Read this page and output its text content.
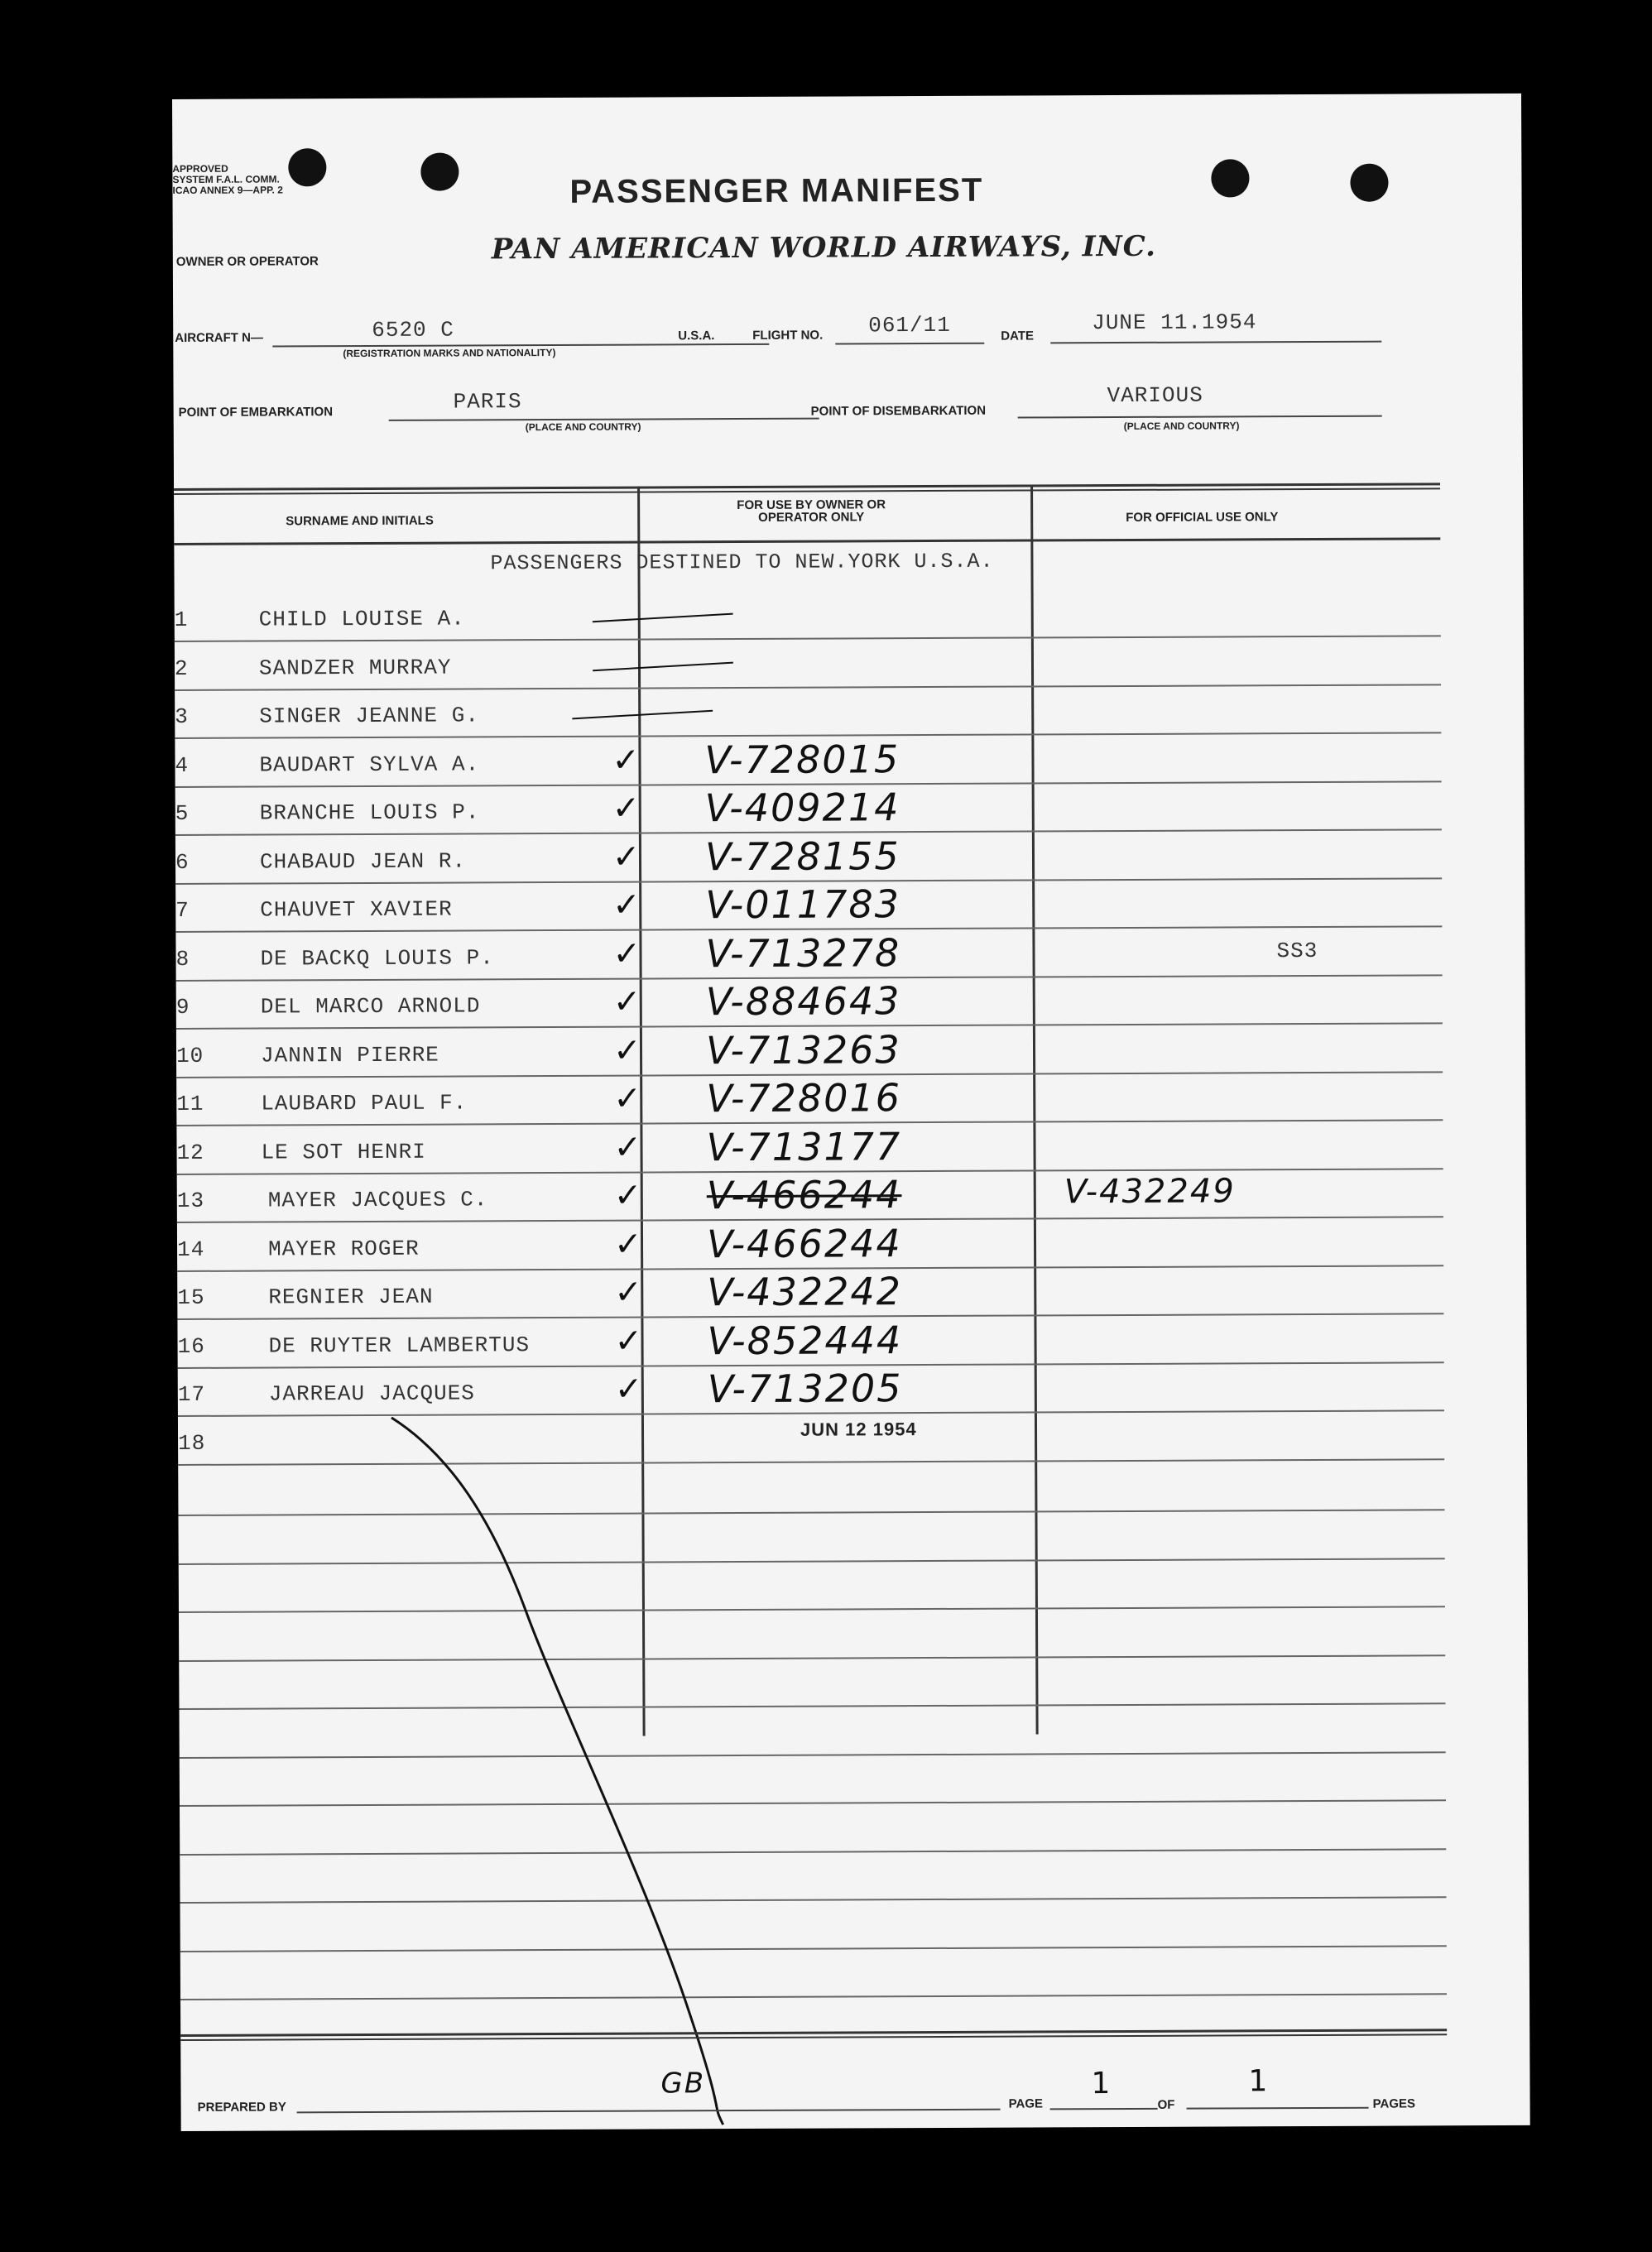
APPROVED
SYSTEM F.A.L. COMM.
ICAO ANNEX 9—APP. 2	PASSENGER MANIFEST
OWNER OR OPERATOR	PAN AMERICAN WORLD AIRWAYS, INC.
AIRCRAFT N—	6520 C
(REGISTRATION MARKS AND NATIONALITY)
U.S.A.	FLIGHT NO. 061/11	DATE
JUNE 11.1954
POINT OF EMBARKATION	PARIS
(PLACE AND COUNTRY)
POINT OF DISEMBARKATION
VARIOUS
(PLACE AND COUNTRY)
SURNAME AND INITIALS
FOR USE BY OWNER OR OPERATOR ONLY	FOR OFFICIAL USE ONLY
PASSENGERS DESTINED TO NEW.YORK U.S.A.
1	CHILD LOUISE A.
2	SANDZER MURRAY
3	SINGER JEANNE G.
4	BAUDART SYLVA A.	✓ V-728015
5	BRANCHE LOUIS P.	✓ V-409214
6	CHABAUD JEAN R.	✓ V-728155
7	CHAUVET XAVIER	✓ V-011783
8	DE BACKQ LOUIS P.	✓ V-713278	SS3
9	DEL MARCO ARNOLD	✓ V-884643
10	JANNIN PIERRE	✓ V-713263
11	LAUBARD PAUL F.	✓ V-728016
12	LE SOT HENRI	✓ V-713177
13	MAYER JACQUES C.	✓ V-466244	V-432249
14	MAYER ROGER	✓ V-466244
15	REGNIER JEAN	✓ V-432242
16	DE RUYTER LAMBERTUS	✓ V-852444
17	JARREAU JACQUES	✓ V-713205
18
JUN 12 1954
PREPARED BY
GB
PAGE
1
OF
1
PAGES
